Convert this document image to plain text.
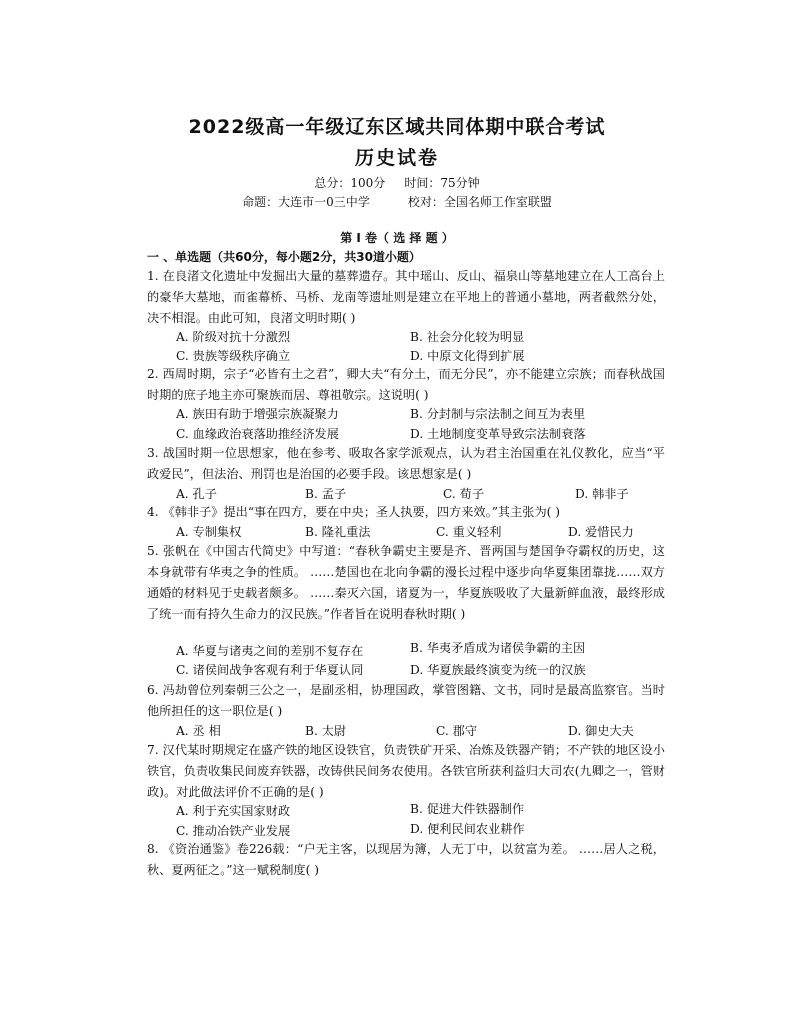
2022级高一年级辽东区域共同体期中联合考试
历史试卷
总分：100分     时间：75分钟
命题：大连市一0三中学          校对：全国名师工作室联盟
第 Ⅰ 卷（ 选 择 题 ）
一 、单选题（共60分，每小题2分，共30道小题）
1. 在良渚文化遗址中发掘出大量的墓葬遗存。其中瑶山、反山、福泉山等墓地建立在人工高台上的豪华大墓地，而雀幕桥、马桥、龙南等遗址则是建立在平地上的普通小墓地，两者截然分处，决不相混。由此可知，良渚文明时期( )
A. 阶级对抗十分激烈	B. 社会分化较为明显
C. 贵族等级秩序确立	D. 中原文化得到扩展
2. 西周时期，宗子“必皆有土之君”，卿大夫“有分土，而无分民”，亦不能建立宗族；而春秋战国时期的庶子地主亦可聚族而居、尊祖敬宗。这说明( )
A. 族田有助于增强宗族凝聚力	B. 分封制与宗法制之间互为表里
C. 血缘政治衰落助推经济发展	D. 土地制度变革导致宗法制衰落
3. 战国时期一位思想家，他在参考、吸取各家学派观点，认为君主治国重在礼仪教化，应当“平政爱民”，但法治、刑罚也是治国的必要手段。该思想家是( )
A. 孔子	B. 孟子	C. 荀子	D. 韩非子
4. 《韩非子》提出“事在四方，要在中央；圣人执要，四方来效。”其主张为( )
A. 专制集权	B. 隆礼重法	C. 重义轻利	D. 爱惜民力
5. 张帆在《中国古代简史》中写道：“春秋争霸史主要是齐、晋两国与楚国争夺霸权的历史，这本身就带有华夷之争的性质。 ……楚国也在北向争霸的漫长过程中逐步向华夏集团靠拢……双方通婚的材料见于史载者颇多。 ……秦灭六国，诸夏为一，华夏族吸收了大量新鲜血液，最终形成了统一而有持久生命力的汉民族。”作者旨在说明春秋时期( )
A. 华夏与诸夷之间的差别不复存在	B. 华夷矛盾成为诸侯争霸的主因
C. 诸侯间战争客观有利于华夏认同	D. 华夏族最终演变为统一的汉族
6. 冯劫曾位列秦朝三公之一，是副丞相，协理国政，掌管图籍、文书，同时是最高监察官。当时他所担任的这一职位是( )
A. 丞 相	B. 太尉	C. 郡守	D. 御史大夫
7. 汉代某时期规定在盛产铁的地区设铁官，负责铁矿开采、冶炼及铁器产销；不产铁的地区设小铁官，负责收集民间废弃铁器，改铸供民间务农使用。各铁官所获利益归大司农(九卿之一，管财政)。对此做法评价不正确的是( )
A. 利于充实国家财政	B. 促进大件铁器制作
C. 推动冶铁产业发展	D. 便利民间农业耕作
8. 《资治通鉴》卷226载：“户无主客，以现居为簿，人无丁中，以贫富为差。 ……居人之税，秋、夏两征之。”这一赋税制度( )
